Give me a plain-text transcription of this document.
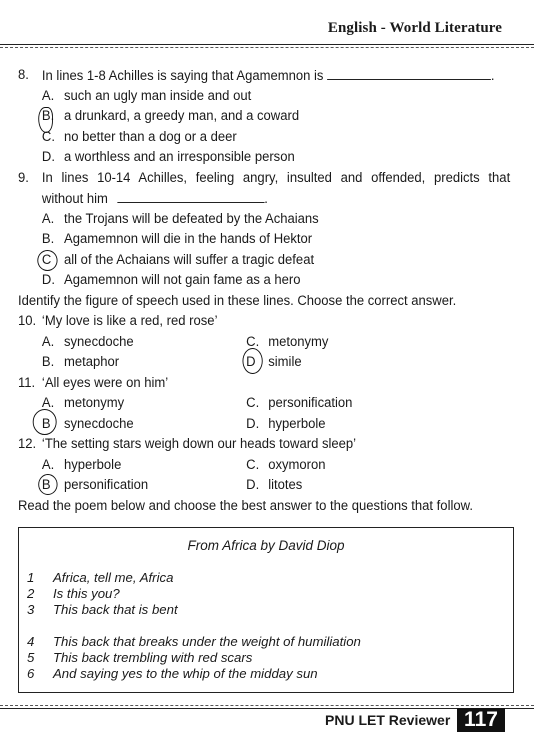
English - World Literature
8. In lines 1-8 Achilles is saying that Agamemnon is	.
A. such an ugly man inside and out
B. a drunkard, a greedy man, and a coward
C. no better than a dog or a deer
D. a worthless and an irresponsible person
9. In lines 10-14 Achilles, feeling angry, insulted and offended, predicts that
without him	.
A. the Trojans will be defeated by the Achaians
B. Agamemnon will die in the hands of Hektor
C all of the Achaians will suffer a tragic defeat
D. Agamemnon will not gain fame as a hero
Identify the figure of speech used in these lines. Choose the correct answer.
10. ‘My love is like a red, red rose’
A. synecdoche	C. metonymy
B. metaphor	D simile
11. ‘All eyes were on him’
A. metonymy	C. personification
B synecdoche	D. hyperbole
12. ‘The setting stars weigh down our heads toward sleep’
A. hyperbole	C. oxymoron
B personification	D. litotes
Read the poem below and choose the best answer to the questions that follow.
From Africa by David Diop
1	Africa, tell me, Africa
2	Is this you?
3	This back that is bent
4	This back that breaks under the weight of humiliation
5	This back trembling with red scars
6	And saying yes to the whip of the midday sun
PNU LET Reviewer 117
